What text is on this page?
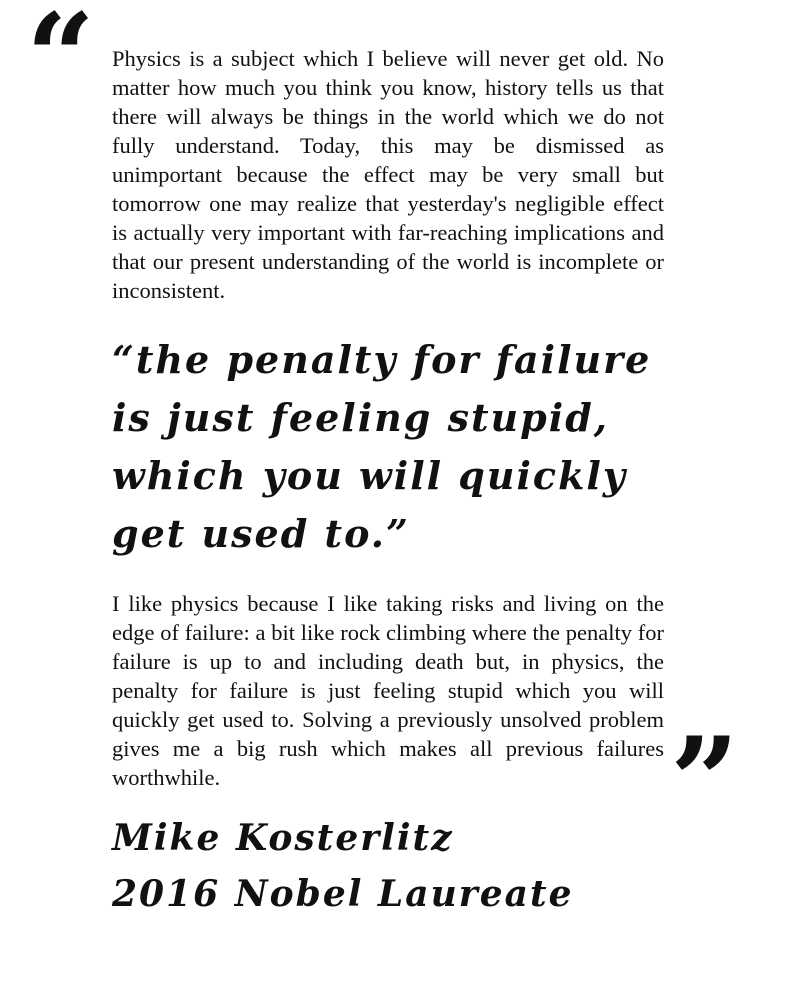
“ Physics is a subject which I believe will never get old. No matter how much you think you know, history tells us that there will always be things in the world which we do not fully understand. Today, this may be dismissed as unimportant because the effect may be very small but tomorrow one may realize that yesterday's negligible effect is actually very important with far-reaching implications and that our present understanding of the world is incomplete or inconsistent.

“the penalty for failure is just feeling stupid, which you will quickly get used to.”

I like physics because I like taking risks and living on the edge of failure: a bit like rock climbing where the penalty for failure is up to and including death but, in physics, the penalty for failure is just feeling stupid which you will quickly get used to. Solving a previously unsolved problem gives me a big rush which makes all previous failures worthwhile.

Mike Kosterlitz
2016 Nobel Laureate
”
